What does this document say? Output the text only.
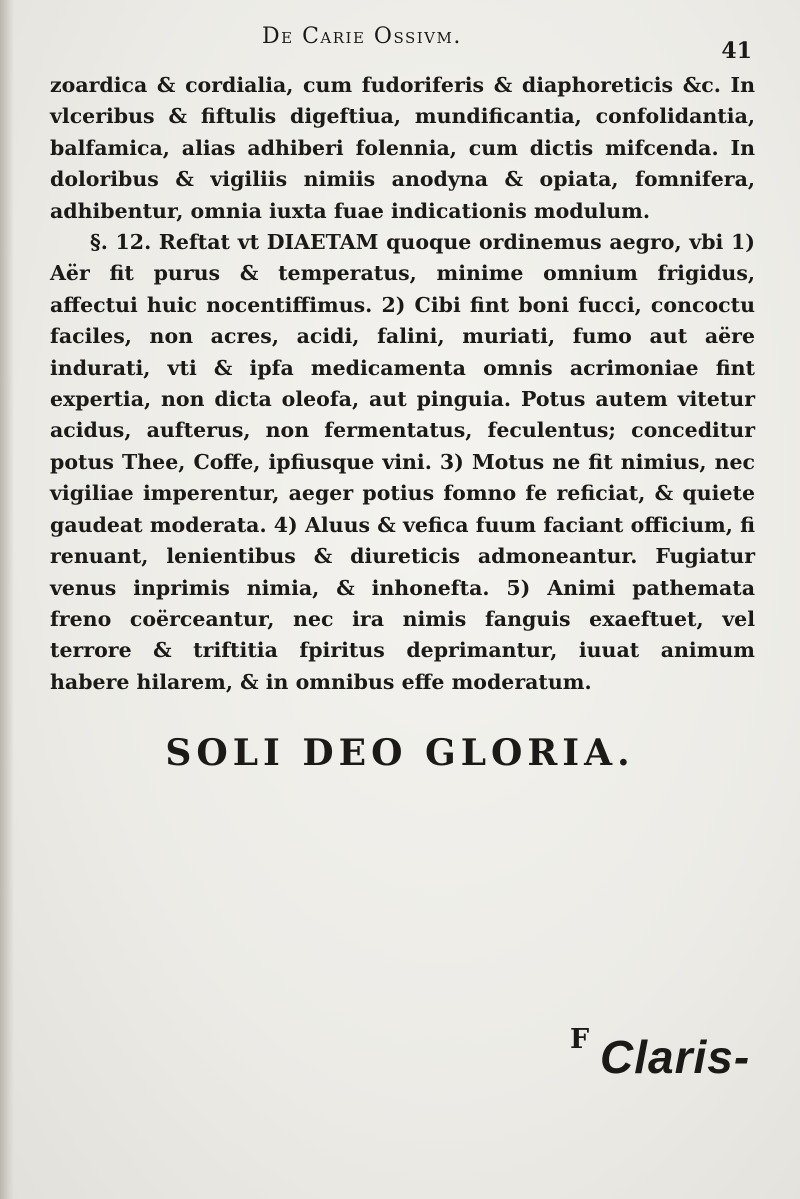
De Carie Ossivm.
41

zoardica & cordialia, cum fudoriferis & diaphoreticis &c. In vlceribus & fiftulis digeftiua, mundificantia, confolidantia, balfamica, alias adhiberi folennia, cum dictis mifcenda. In doloribus & vigiliis nimiis anodyna & opiata, fomnifera, adhibentur, omnia iuxta fuae indicationis modulum.

§. 12. Reftat vt DIAETAM quoque ordinemus aegro, vbi 1) Aër fit purus & temperatus, minime omnium frigidus, affectui huic nocentiffimus. 2) Cibi fint boni fucci, concoctu faciles, non acres, acidi, falini, muriati, fumo aut aëre indurati, vti & ipfa medicamenta omnis acrimoniae fint expertia, non dicta oleofa, aut pinguia. Potus autem vitetur acidus, aufterus, non fermentatus, feculentus; conceditur potus Thee, Coffe, ipfiusque vini. 3) Motus ne fit nimius, nec vigiliae imperentur, aeger potius fomno fe reficiat, & quiete gaudeat moderata. 4) Aluus & vefica fuum faciant officium, fi renuant, lenientibus & diureticis admoneantur. Fugiatur venus inprimis nimia, & inhonefta. 5) Animi pathemata freno coërceantur, nec ira nimis fanguis exaeftuet, vel terrore & triftitia fpiritus deprimantur, iuuat animum habere hilarem, & in omnibus effe moderatum.

SOLI DEO GLORIA.
F Claris-
